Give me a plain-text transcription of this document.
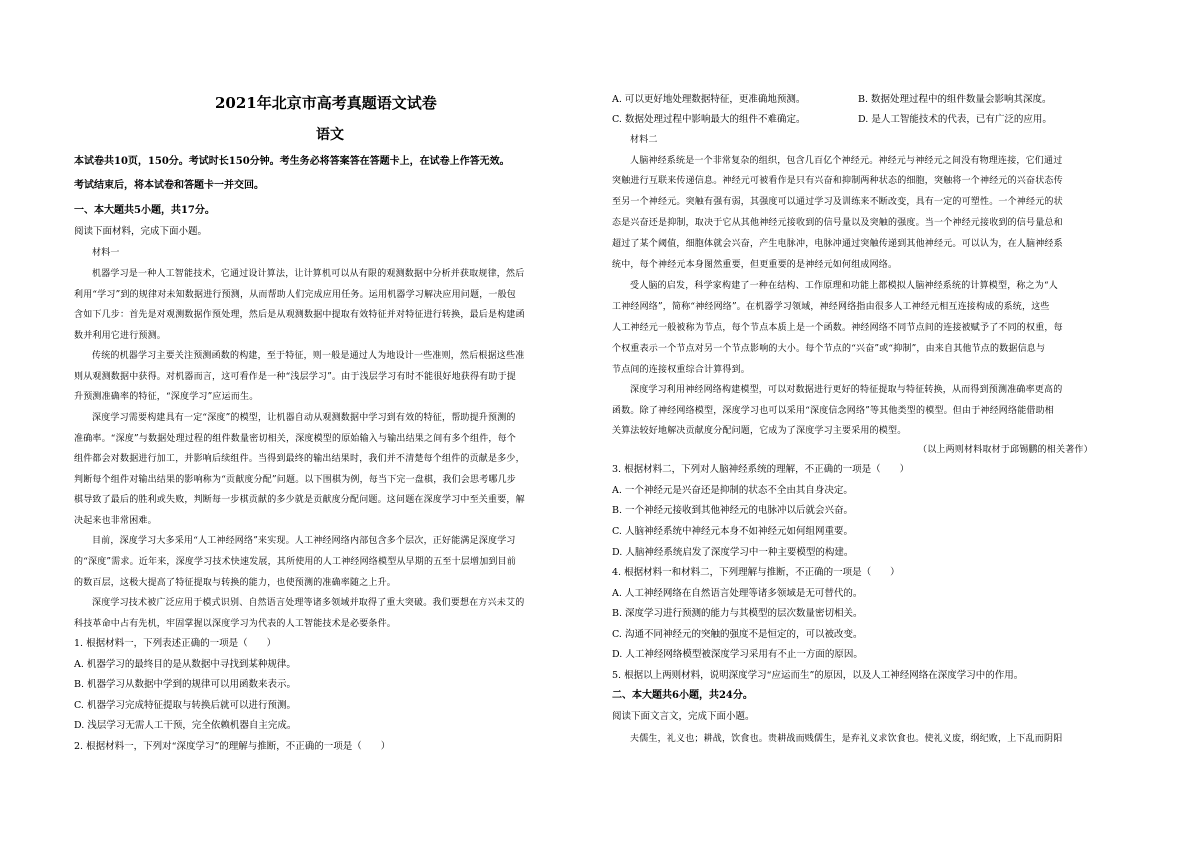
2021年北京市高考真题语文试卷
语文
本试卷共10页，150分。考试时长150分钟。考生务必将答案答在答题卡上，在试卷上作答无效。
考试结束后，将本试卷和答题卡一并交回。
一、本大题共5小题，共17分。
阅读下面材料，完成下面小题。
材料一
机器学习是一种人工智能技术，它通过设计算法，让计算机可以从有限的观测数据中分析并获取规律，然后
利用“学习”到的规律对未知数据进行预测，从而帮助人们完成应用任务。运用机器学习解决应用问题，一般包
含如下几步：首先是对观测数据作预处理，然后是从观测数据中提取有效特征并对特征进行转换，最后是构建函
数并利用它进行预测。
传统的机器学习主要关注预测函数的构建，至于特征，则一般是通过人为地设计一些准则，然后根据这些准
则从观测数据中获得。对机器而言，这可看作是一种“浅层学习”。由于浅层学习有时不能很好地获得有助于提
升预测准确率的特征，“深度学习”应运而生。
深度学习需要构建具有一定“深度”的模型，让机器自动从观测数据中学习到有效的特征，帮助提升预测的
准确率。“深度”与数据处理过程的组件数量密切相关，深度模型的原始输入与输出结果之间有多个组件，每个
组件都会对数据进行加工，并影响后续组件。当得到最终的输出结果时，我们并不清楚每个组件的贡献是多少，
判断每个组件对输出结果的影响称为“贡献度分配”问题。以下围棋为例，每当下完一盘棋，我们会思考哪几步
棋导致了最后的胜利或失败，判断每一步棋贡献的多少就是贡献度分配问题。这问题在深度学习中至关重要，解
决起来也非常困难。
目前，深度学习大多采用“人工神经网络”来实现。人工神经网络内部包含多个层次，正好能满足深度学习
的“深度”需求。近年来，深度学习技术快速发展，其所使用的人工神经网络模型从早期的五至十层增加到目前
的数百层，这极大提高了特征提取与转换的能力，也使预测的准确率随之上升。
深度学习技术被广泛应用于模式识别、自然语言处理等诸多领域并取得了重大突破。我们要想在方兴未艾的
科技革命中占有先机，牢固掌握以深度学习为代表的人工智能技术是必要条件。
1. 根据材料一，下列表述正确的一项是（　　）
A. 机器学习的最终目的是从数据中寻找到某种规律。
B. 机器学习从数据中学到的规律可以用函数来表示。
C. 机器学习完成特征提取与转换后就可以进行预测。
D. 浅层学习无需人工干预，完全依赖机器自主完成。
2. 根据材料一，下列对“深度学习”的理解与推断，不正确的一项是（　　）
A. 可以更好地处理数据特征，更准确地预测。	B. 数据处理过程中的组件数量会影响其深度。
C. 数据处理过程中影响最大的组件不难确定。	D. 是人工智能技术的代表，已有广泛的应用。
材料二
人脑神经系统是一个非常复杂的组织，包含几百亿个神经元。神经元与神经元之间没有物理连接，它们通过
突触进行互联来传递信息。神经元可被看作是只有兴奋和抑制两种状态的细胞，突触将一个神经元的兴奋状态传
至另一个神经元。突触有强有弱，其强度可以通过学习及训练来不断改变，具有一定的可塑性。一个神经元的状
态是兴奋还是抑制，取决于它从其他神经元接收到的信号量以及突触的强度。当一个神经元接收到的信号量总和
超过了某个阈值，细胞体就会兴奋，产生电脉冲，电脉冲通过突触传递到其他神经元。可以认为，在人脑神经系
统中，每个神经元本身图然重要，但更重要的是神经元如何组成网络。
受人脑的启发，科学家构建了一种在结构、工作原理和功能上都模拟人脑神经系统的计算模型，称之为“人
工神经网络”，简称“神经网络”。在机器学习领域，神经网络指由很多人工神经元相互连接构成的系统，这些
人工神经元一般被称为节点，每个节点本质上是一个函数。神经网络不同节点间的连接被赋予了不同的权重，每
个权重表示一个节点对另一个节点影响的大小。每个节点的“兴奋”或“抑制”，由来自其他节点的数据信息与
节点间的连接权重综合计算得到。
深度学习利用神经网络构建模型，可以对数据进行更好的特征提取与特征转换，从而得到预测准确率更高的
函数。除了神经网络模型，深度学习也可以采用“深度信念网络”等其他类型的模型。但由于神经网络能借助相
关算法较好地解决贡献度分配问题，它成为了深度学习主要采用的模型。
（以上两则材料取材于邱锡鹏的相关著作）
3. 根据材料二，下列对人脑神经系统的理解，不正确的一项是（　　）
A. 一个神经元是兴奋还是抑制的状态不全由其自身决定。
B. 一个神经元接收到其他神经元的电脉冲以后就会兴奋。
C. 人脑神经系统中神经元本身不如神经元如何组网重要。
D. 人脑神经系统启发了深度学习中一种主要模型的构建。
4. 根据材料一和材料二，下列理解与推断，不正确的一项是（　　）
A. 人工神经网络在自然语言处理等诸多领域是无可替代的。
B. 深度学习进行预测的能力与其模型的层次数量密切相关。
C. 沟通不同神经元的突触的强度不是恒定的，可以被改变。
D. 人工神经网络模型被深度学习采用有不止一方面的原因。
5. 根据以上两则材料，说明深度学习“应运而生”的原因，以及人工神经网络在深度学习中的作用。
二、本大题共6小题，共24分。
阅读下面文言文，完成下面小题。
夫儒生，礼义也；耕战，饮食也。贵耕战而贱儒生，是弃礼义求饮食也。使礼义废，纲纪败，上下乱而阴阳
